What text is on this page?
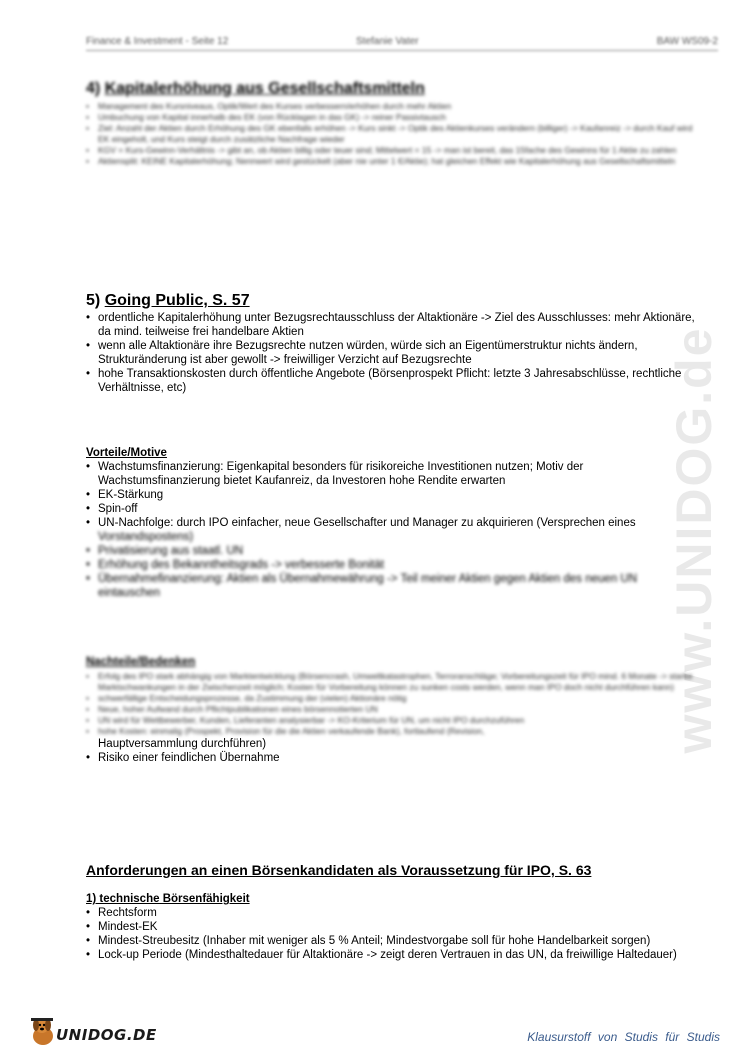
Finance & Investment - Seite 12	Stefanie Vater	BAW WS09-2
www.UNIDOG.de
4) Kapitalerhöhung aus Gesellschaftsmitteln
• Management des Kursniveaus, Optik/Wert des Kurses verbessern/erhöhen durch mehr Aktien
• Umbuchung von Kapital innerhalb des EK (von Rücklagen in das GK) -> reiner Passivtausch
• Ziel: Anzahl der Aktien durch Erhöhung des GK ebenfalls erhöhen -> Kurs sinkt -> Optik des Aktienkurses verändern (billiger) -> Kaufanreiz -> durch Kauf wird EK eingeholt, und Kurs steigt durch zusätzliche Nachfrage wieder
• KGV = Kurs-Gewinn-Verhältnis -> gibt an, ob Aktien billig oder teuer sind; Mittelwert = 15 -> man ist bereit, das 15fache des Gewinns für 1 Aktie zu zahlen
• Aktiensplit: KEINE Kapitalerhöhung; Nennwert wird gestückelt (aber nie unter 1 €/Aktie); hat gleichen Effekt wie Kapitalerhöhung aus Gesellschaftsmitteln
5) Going Public, S. 57
• ordentliche Kapitalerhöhung unter Bezugsrechtausschluss der Altaktionäre -> Ziel des Ausschlusses: mehr Aktionäre, da mind. teilweise frei handelbare Aktien
• wenn alle Altaktionäre ihre Bezugsrechte nutzen würden, würde sich an Eigentümerstruktur nichts ändern, Strukturänderung ist aber gewollt -> freiwilliger Verzicht auf Bezugsrechte
• hohe Transaktionskosten durch öffentliche Angebote (Börsenprospekt Pflicht: letzte 3 Jahresabschlüsse, rechtliche Verhältnisse, etc)
Vorteile/Motive
• Wachstumsfinanzierung: Eigenkapital besonders für risikoreiche Investitionen nutzen; Motiv der Wachstumsfinanzierung bietet Kaufanreiz, da Investoren hohe Rendite erwarten
• EK-Stärkung
• Spin-off
• UN-Nachfolge: durch IPO einfacher, neue Gesellschafter und Manager zu akquirieren (Versprechen eines
Vorstandspostens)
• Privatisierung aus staatl. UN
• Erhöhung des Bekanntheitsgrads -> verbesserte Bonität
• Übernahmefinanzierung: Aktien als Übernahmewährung -> Teil meiner Aktien gegen Aktien des neuen UN eintauschen
Nachteile/Bedenken
• Erfolg des IPO stark abhängig von Marktentwicklung (Börsencrash, Umweltkatastrophen, Terroranschläge; Vorbereitungszeit für IPO mind. 6 Monate -> starke Marktschwankungen in der Zwischenzeit möglich; Kosten für Vorbereitung können zu sunken costs werden, wenn man IPO doch nicht durchführen kann)
• schwerfällige Entscheidungsprozesse, da Zustimmung der (vielen) Aktionäre nötig
• Neue, hoher Aufwand durch Pflichtpublikationen eines börsennotierten UN
• UN wird für Wettbewerber, Kunden, Lieferanten analysierbar -> KO-Kriterium für UN, um nicht IPO durchzuführen
• hohe Kosten: einmalig (Prospekt, Provision für die die Aktien verkaufende Bank), fortlaufend (Revision,
Hauptversammlung durchführen)
• Risiko einer feindlichen Übernahme
Anforderungen an einen Börsenkandidaten als Voraussetzung für IPO, S. 63
1) technische Börsenfähigkeit
• Rechtsform
• Mindest-EK
• Mindest-Streubesitz (Inhaber mit weniger als 5 % Anteil; Mindestvorgabe soll für hohe Handelbarkeit sorgen)
• Lock-up Periode (Mindesthaltedauer für Altaktionäre -> zeigt deren Vertrauen in das UN, da freiwillige Haltedauer)
UNIDOG.DE	Klausurstoff von Studis für Studis
